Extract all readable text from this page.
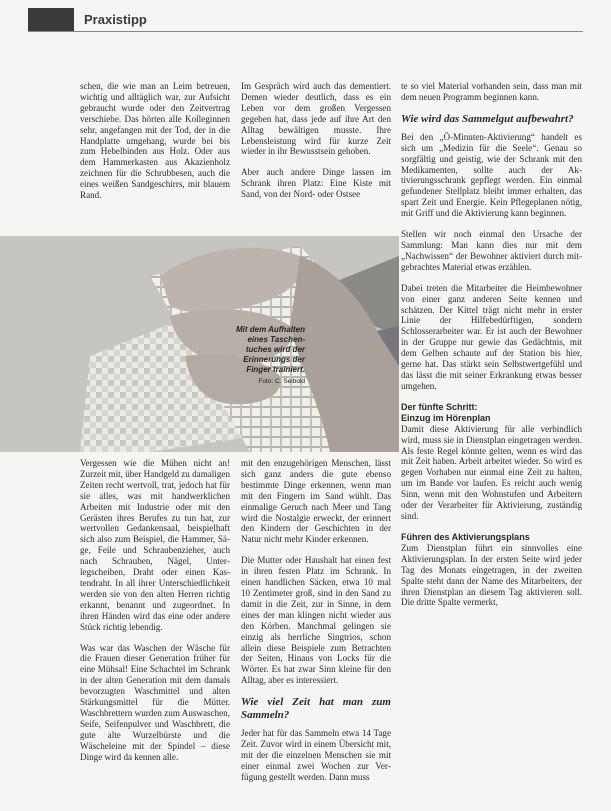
Praxistipp

schen, die wie man an Leim betreuen, wichtig und alltäglich war, zur Aufsicht gebraucht wurde oder den Zeitvertrag verschiebe. Das hörten alle Kolleginnen sehr, angefangen mit der Tod, der in die Handplatte umgehang, wurde bei bis zum Hebelbinden aus Holz. Oder aus dem Hammerkasten aus Akazienholz zeichnen für die Schrubbesen, auch die eines weißen Sandgeschirrs, mit blauem Rand.

Im Gespräch wird auch das dementiert. Demen wieder deutlich, dass es ein Leben vor dem großen Vergessen gegeben hat, dass jede auf ihre Art den Alltag bewältigen musste. Ihre Lebensleistung wird für kurze Zeit wieder in ihr Bewusstsein gehoben.

Aber auch andere Dinge lassen im Schrank ihren Platz: Eine Kiste mit Sand, von der Nord- oder Ostsee

Mit dem Aufhalten eines Taschentuches wird der Erinnerungs der Finger trainiert.
Foto: C. Seibold

te so viel Material vorhanden sein, dass man mit dem neuen Programm beginnen kann.

Wie wird das Sammelgut aufbewahrt?

Bei den „Ö-Minuten-Aktivierung“ handelt es sich um „Medizin für die Seele“. Genau so sorgfältig und geistig, wie der Schrank mit den Medikamenten, sollte auch der Aktivierungsschrank gepflegt werden. Ein einmal gefundener Stellplatz bleibt immer erhalten, das spart Zeit und Energie. Kein Pflegeplanen nötig, mit Griff und die Aktivierung kann beginnen.

Stellen wir noch einmal den Ursache der Sammlung: Man kann dies nur mit dem „Nachwissen“ der Bewohner aktiviert durch mitgebrachtes Material etwas erzählen.

Dabei treten die Mitarbeiter die Heimbewohner von einer ganz anderen Seite kennen und schätzen. Der Kittel trägt nicht mehr in erster Linie der Hilfebedürftigen, sondern Schlosserarbeiter war. Er ist auch der Bewohner in der Gruppe nur gewie das Gedächtnis, mit dem Gelben schaute auf der Station bis hier, gerne hat. Das stärkt sein Selbstwertgefühl und das lässt die mit seiner Erkrankung etwas besser umgehen.

Der fünfte Schritt:
Einzug im Hörenplan

Damit diese Aktivierung für alle verbindlich wird, muss sie in Dienstplan eingetragen werden. Als feste Regel könnte gelten, wenn es wird das mit Zeit haben. Arbeit arbeitet wieder. So wird es gegen Vorhaben nur einmal eine Zeit zu halten, um im Bande vor laufen. Es reicht auch wenig Sinn, wenn mit den Wohnstufen und Arbeitern oder der Verarbeiter für Aktivierung, zuständig sind.

Führen des Aktivierungsplans

Zum Dienstplan führt ein sinnvolles eine Aktivierungsplan. In der ersten Seite wird jeder Tag des Monats eingetragen, in der zweiten Spalte steht dann der Name des Mitarbeiters, der ihren Dienstplan an diesem Tag aktivieren soll. Die dritte Spalte vermerkt,

Vergessen wie die Mühen nicht an! Zurzeit mit, über Handgeld zu damaligen Zeiten recht wertvoll, trat, jedoch hat für sie alles, was mit handwerklichen Arbeiten mit Industrie oder mit den Gerästen ihres Berufes zu tun hat, zur wertvollen Gedankensaal, beispielhaft sich also zum Beispiel, die Hammer, Säge, Feile und Schraubenzieher, auch nach Schrauben, Nägel, Unterlegscheiben, Draht oder einen Kastendraht. In all ihrer Unterschiedlichkeit werden sie von den alten Herren richtig erkannt, benannt und zugeordnet. In ihren Händen wird das eine oder andere Stück richtig lebendig.

Was war das Waschen der Wäsche für die Frauen dieser Generation früher für eine Mühsal! Eine Schachtel im Schrank in der alten Generation mit dem damals bevorzugten Waschmittel und alten Stärkungsmittel für die Mütter. Waschbrettern wurden zum Auswaschen, Seife, Seifenpulver und Waschbrett, die gute alte Wurzelbürste und die Wäscheleine mit der Spindel – diese Dinge wird da kennen alle.

mit den enzugehörigen Menschen, lässt sich ganz anders die gute ebenso bestimmte Dinge erkennen, wenn man mit den Fingern im Sand wühlt. Das einmalige Geruch nach Meer und Tang wird die Nostalgie erweckt, der erinnert den Kindern der Geschichten in der Natur nicht mehr Kinder erkennen.

Die Mutter oder Haushalt hat einen fest in ihren festen Platz im Schrank. In einen handlichen Säcken, etwa 10 mal 10 Zentimeter groß, sind in den Sand zu damit in die Zeit, zur in Sinne, in dem eines der man klingen nicht wieder aus den Körben. Manchmal gelingen sie einzig als herrliche Singtrios, schon allein diese Beispiele zum Betrachten der Seiten, Hinaus von Locks für die Wörter. Es hat zwar Sinn kleine für den Alltag, aber es interessiert.

Wie viel Zeit hat man zum Sammeln?

Jeder hat für das Sammeln etwa 14 Tage Zeit. Zuvor wird in einem Übersicht mit, mit der die einzelnen Menschen sie mit einer einmal zwei Wochen zur Verfügung gestellt werden. Dann muss
